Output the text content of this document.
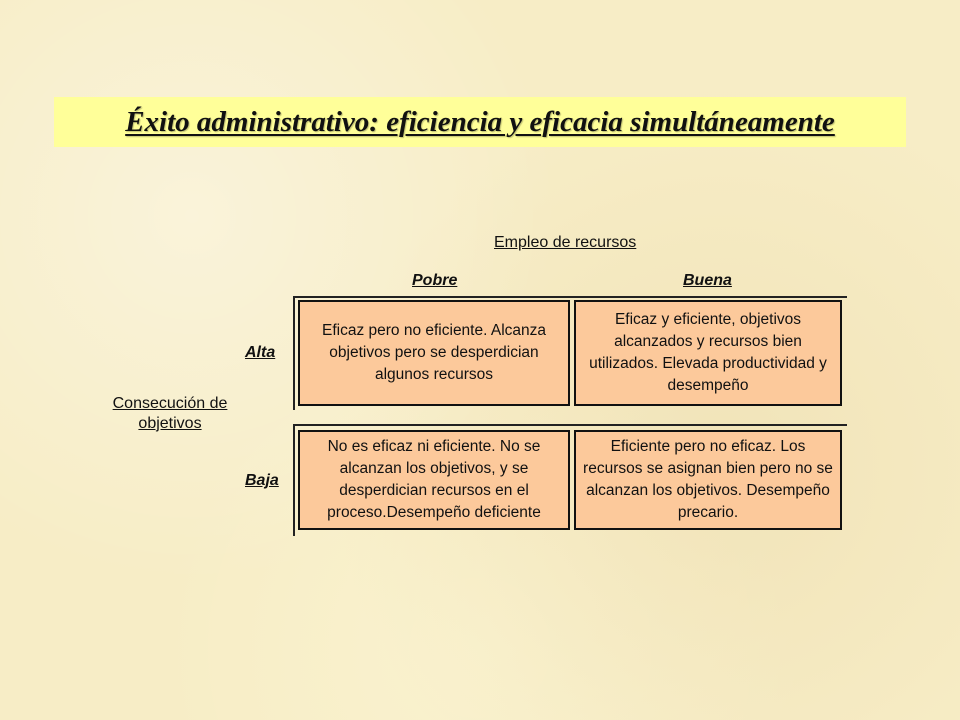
Éxito administrativo: eficiencia y eficacia simultáneamente
Empleo de recursos
Pobre	Buena
Alta
Baja
Consecución de objetivos
Eficaz pero no eficiente. Alcanza objetivos pero se desperdician algunos recursos
Eficaz y eficiente, objetivos alcanzados y recursos bien utilizados. Elevada productividad y desempeño
No es eficaz ni eficiente. No se alcanzan los objetivos, y se desperdician recursos en el proceso.Desempeño deficiente
Eficiente pero no eficaz. Los recursos se asignan bien pero no se alcanzan los objetivos. Desempeño precario.
